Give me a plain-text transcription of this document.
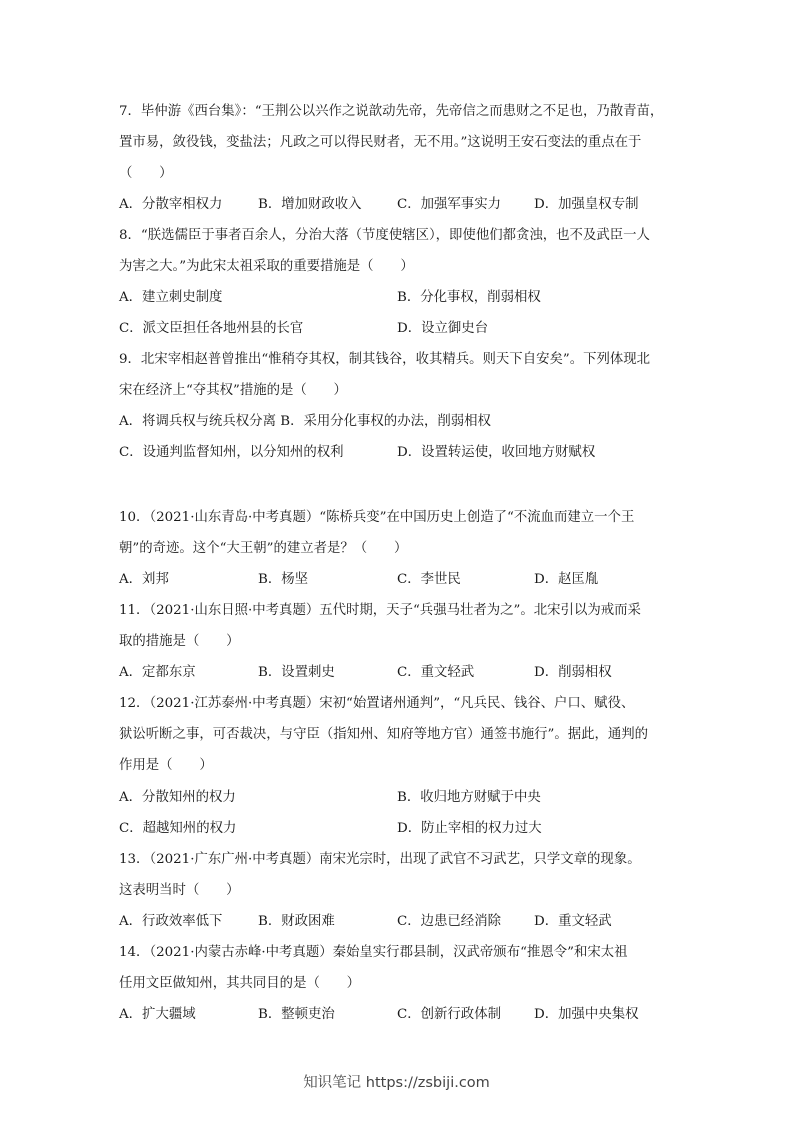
7．毕仲游《西台集》：“王荆公以兴作之说歆动先帝，先帝信之而患财之不足也，乃散青苗，
置市易，敛役钱，变盐法；凡政之可以得民财者，无不用。”这说明王安石变法的重点在于
（　　）
A．分散宰相权力	B．增加财政收入	C．加强军事实力 D．加强皇权专制
8．“朕选儒臣于事者百余人，分治大落（节度使辖区），即使他们都贪浊，也不及武臣一人
为害之大。”为此宋太祖采取的重要措施是（　　）
A．建立刺史制度	B．分化事权，削弱相权
C．派文臣担任各地州县的长官	D．设立御史台
9．北宋宰相赵普曾推出“惟稍夺其权，制其钱谷，收其精兵。则天下自安矣”。下列体现北
宋在经济上“夺其权”措施的是（　　）
A．将调兵权与统兵权分离 B．采用分化事权的办法，削弱相权
C．设通判监督知州，以分知州的权利	D．设置转运使，收回地方财赋权
10．（2021·山东青岛·中考真题）“陈桥兵变”在中国历史上创造了“不流血而建立一个王
朝”的奇迹。这个“大王朝”的建立者是？（　　）
A．刘邦	B．杨坚	C．李世民	D．赵匡胤
11．（2021·山东日照·中考真题）五代时期，天子“兵强马壮者为之”。北宋引以为戒而采
取的措施是（　　）
A．定都东京	B．设置刺史	C．重文轻武	D．削弱相权
12．（2021·江苏泰州·中考真题）宋初“始置诸州通判”，“凡兵民、钱谷、户口、赋役、
狱讼听断之事，可否裁决，与守臣（指知州、知府等地方官）通签书施行”。据此，通判的
作用是（　　）
A．分散知州的权力	B．收归地方财赋于中央
C．超越知州的权力	D．防止宰相的权力过大
13．（2021·广东广州·中考真题）南宋光宗时，出现了武官不习武艺，只学文章的现象。
这表明当时（　　）
A．行政效率低下	B．财政困难	C．边患已经消除 D．重文轻武
14．（2021·内蒙古赤峰·中考真题）秦始皇实行郡县制，汉武帝颁布“推恩令”和宋太祖
任用文臣做知州，其共同目的是（　　）
A．扩大疆域	B．整顿吏治	C．创新行政体制 D．加强中央集权
知识笔记 https://zsbiji.com
